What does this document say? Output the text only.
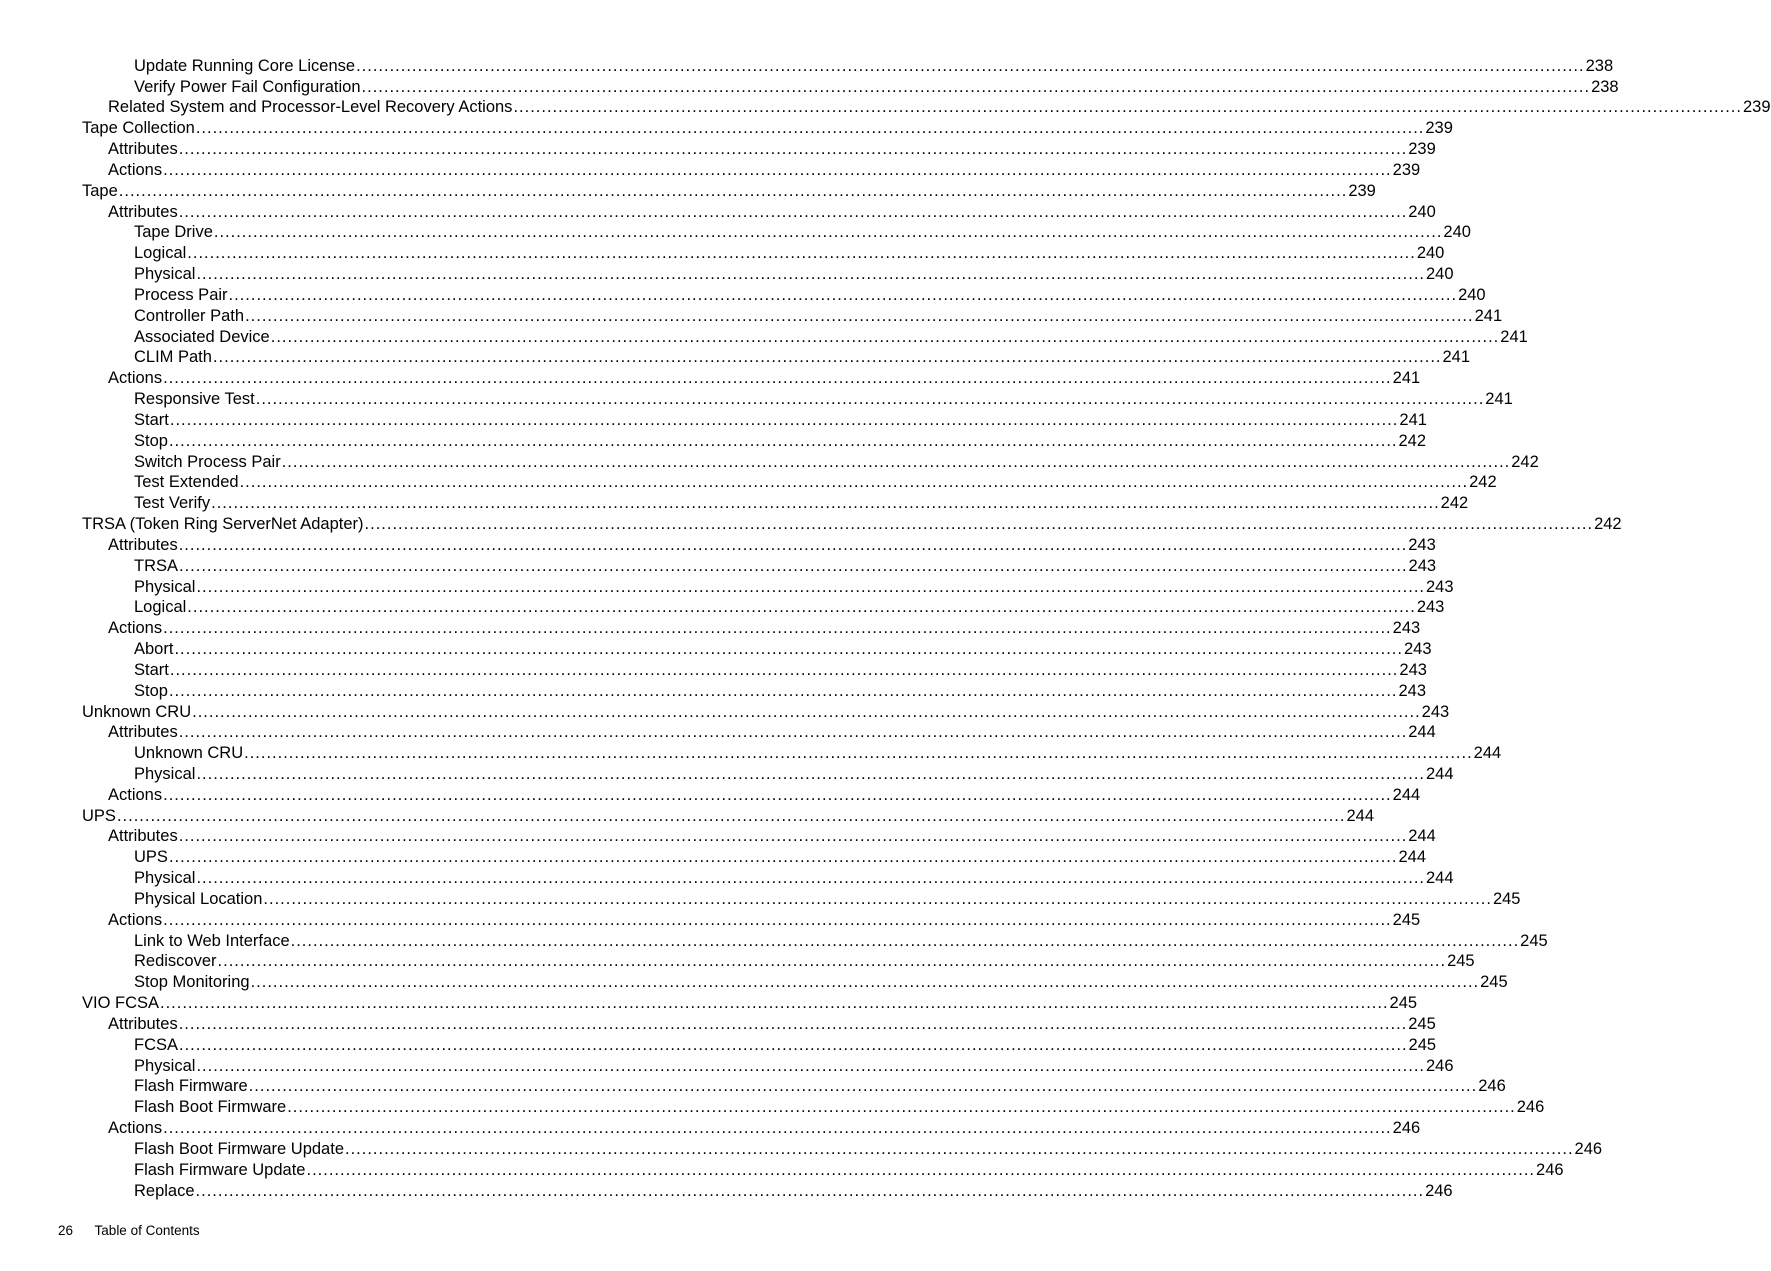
Update Running Core License ............................................................................................................................................................................................................................ 238
Verify Power Fail Configuration ............................................................................................................................................................................................................................ 238
Related System and Processor-Level Recovery Actions ............................................................................................................................................................................................................................ 239
Tape Collection ............................................................................................................................................................................................................................ 239
Attributes ............................................................................................................................................................................................................................ 239
Actions ............................................................................................................................................................................................................................ 239
Tape ............................................................................................................................................................................................................................ 239
Attributes ............................................................................................................................................................................................................................ 240
Tape Drive ............................................................................................................................................................................................................................ 240
Logical ............................................................................................................................................................................................................................ 240
Physical ............................................................................................................................................................................................................................ 240
Process Pair ............................................................................................................................................................................................................................ 240
Controller Path ............................................................................................................................................................................................................................ 241
Associated Device ............................................................................................................................................................................................................................ 241
CLIM Path ............................................................................................................................................................................................................................ 241
Actions ............................................................................................................................................................................................................................ 241
Responsive Test ............................................................................................................................................................................................................................ 241
Start ............................................................................................................................................................................................................................ 241
Stop ............................................................................................................................................................................................................................ 242
Switch Process Pair ............................................................................................................................................................................................................................ 242
Test Extended ............................................................................................................................................................................................................................ 242
Test Verify ............................................................................................................................................................................................................................ 242
TRSA (Token Ring ServerNet Adapter) ............................................................................................................................................................................................................................ 242
Attributes ............................................................................................................................................................................................................................ 243
TRSA ............................................................................................................................................................................................................................ 243
Physical ............................................................................................................................................................................................................................ 243
Logical ............................................................................................................................................................................................................................ 243
Actions ............................................................................................................................................................................................................................ 243
Abort ............................................................................................................................................................................................................................ 243
Start ............................................................................................................................................................................................................................ 243
Stop ............................................................................................................................................................................................................................ 243
Unknown CRU ............................................................................................................................................................................................................................ 243
Attributes ............................................................................................................................................................................................................................ 244
Unknown CRU ............................................................................................................................................................................................................................ 244
Physical ............................................................................................................................................................................................................................ 244
Actions ............................................................................................................................................................................................................................ 244
UPS ............................................................................................................................................................................................................................ 244
Attributes ............................................................................................................................................................................................................................ 244
UPS ............................................................................................................................................................................................................................ 244
Physical ............................................................................................................................................................................................................................ 244
Physical Location ............................................................................................................................................................................................................................ 245
Actions ............................................................................................................................................................................................................................ 245
Link to Web Interface ............................................................................................................................................................................................................................ 245
Rediscover ............................................................................................................................................................................................................................ 245
Stop Monitoring ............................................................................................................................................................................................................................ 245
VIO FCSA ............................................................................................................................................................................................................................ 245
Attributes ............................................................................................................................................................................................................................ 245
FCSA ............................................................................................................................................................................................................................ 245
Physical ............................................................................................................................................................................................................................ 246
Flash Firmware ............................................................................................................................................................................................................................ 246
Flash Boot Firmware ............................................................................................................................................................................................................................ 246
Actions ............................................................................................................................................................................................................................ 246
Flash Boot Firmware Update ............................................................................................................................................................................................................................ 246
Flash Firmware Update ............................................................................................................................................................................................................................ 246
Replace ............................................................................................................................................................................................................................ 246
26 Table of Contents
